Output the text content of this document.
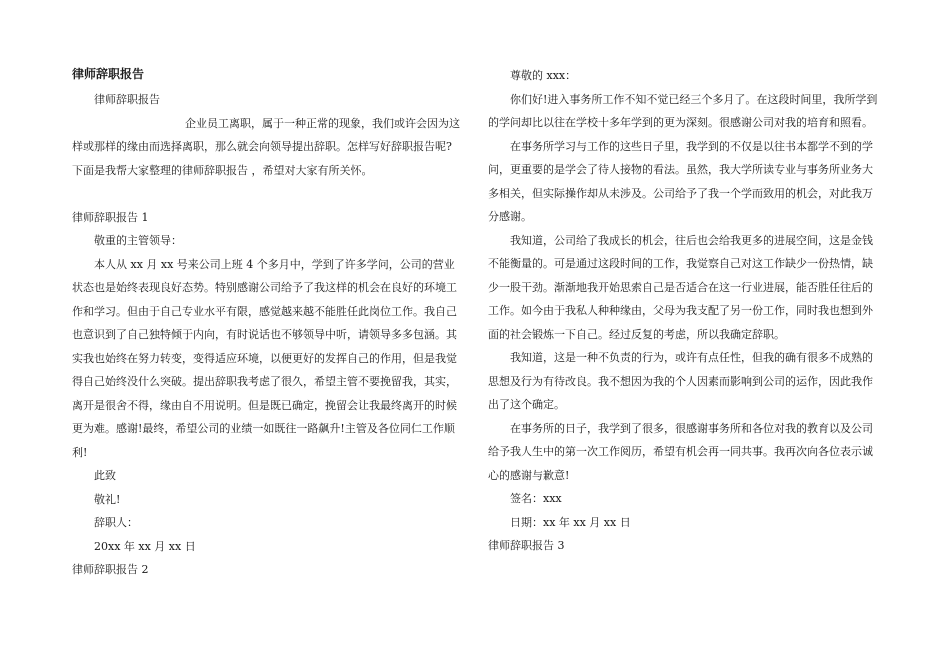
律师辞职报告

律师辞职报告

企业员工离职，属于一种正常的现象，我们或许会因为这样或那样的缘由而选择离职，那么就会向领导提出辞职。怎样写好辞职报告呢?下面是我帮大家整理的律师辞职报告 ，希望对大家有所关怀。

律师辞职报告 1

敬重的主管领导：

本人从 xx 月 xx 号来公司上班 4 个多月中，学到了许多学问，公司的营业状态也是始终表现良好态势。特别感谢公司给予了我这样的机会在良好的环境工作和学习。但由于自己专业水平有限，感觉越来越不能胜任此岗位工作。我自己也意识到了自己独特倾于内向，有时说话也不够领导中听，请领导多多包涵。其实我也始终在努力转变，变得适应环境，以便更好的发挥自己的作用，但是我觉得自己始终没什么突破。提出辞职我考虑了很久，希望主管不要挽留我，其实，离开是很舍不得，缘由自不用说明。但是既已确定，挽留会让我最终离开的时候更为难。感谢!最终，希望公司的业绩一如既往一路飙升!主管及各位同仁工作顺利!

此致

敬礼!

辞职人：

20xx 年 xx 月 xx 日

律师辞职报告 2

尊敬的 xxx：

你们好!进入事务所工作不知不觉已经三个多月了。在这段时间里，我所学到的学问却比以往在学校十多年学到的更为深刻。很感谢公司对我的培育和照看。

在事务所学习与工作的这些日子里，我学到的不仅是以往书本都学不到的学问，更重要的是学会了待人接物的看法。虽然，我大学所读专业与事务所业务大多相关，但实际操作却从未涉及。公司给予了我一个学而致用的机会，对此我万分感谢。

我知道，公司给了我成长的机会，往后也会给我更多的进展空间，这是金钱不能衡量的。可是通过这段时间的工作，我觉察自己对这工作缺少一份热情，缺少一股干劲。渐渐地我开始思索自己是否适合在这一行业进展，能否胜任往后的工作。如今由于我私人种种缘由，父母为我支配了另一份工作，同时我也想到外面的社会锻炼一下自己。经过反复的考虑，所以我确定辞职。

我知道，这是一种不负责的行为，或许有点任性，但我的确有很多不成熟的思想及行为有待改良。我不想因为我的个人因素而影响到公司的运作，因此我作出了这个确定。

在事务所的日子，我学到了很多，很感谢事务所和各位对我的教育以及公司给予我人生中的第一次工作阅历，希望有机会再一同共事。我再次向各位表示诚心的感谢与歉意!

签名：xxx

日期：xx 年 xx 月 xx 日

律师辞职报告 3
